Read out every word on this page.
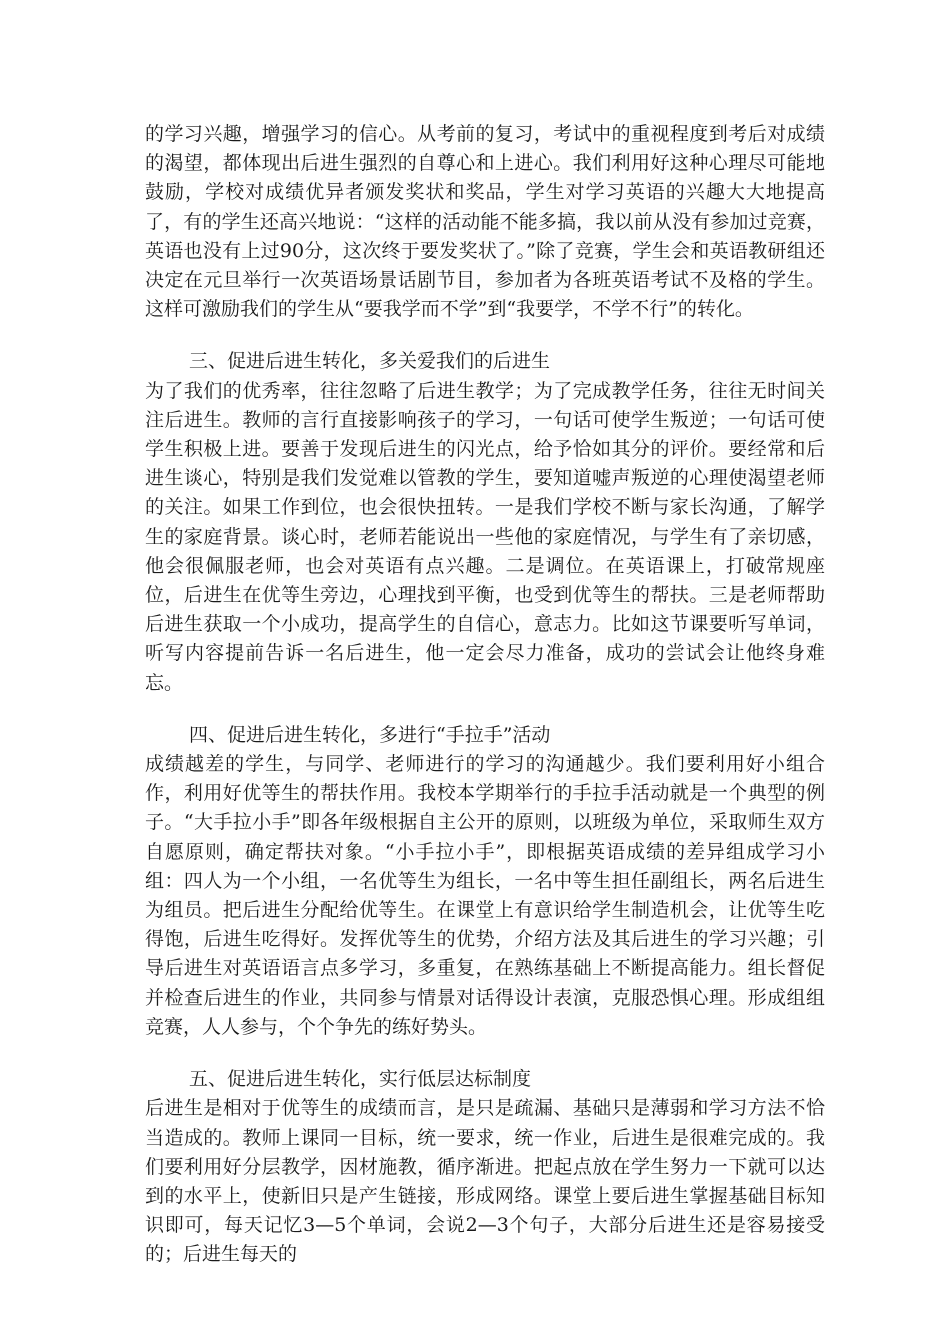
的学习兴趣，增强学习的信心。从考前的复习，考试中的重视程度到考后对成绩的渴望，都体现出后进生强烈的自尊心和上进心。我们利用好这种心理尽可能地鼓励，学校对成绩优异者颁发奖状和奖品，学生对学习英语的兴趣大大地提高了，有的学生还高兴地说：“这样的活动能不能多搞，我以前从没有参加过竞赛，英语也没有上过90分，这次终于要发奖状了。”除了竞赛，学生会和英语教研组还决定在元旦举行一次英语场景话剧节目，参加者为各班英语考试不及格的学生。这样可激励我们的学生从“要我学而不学”到“我要学，不学不行”的转化。

三、促进后进生转化，多关爱我们的后进生

为了我们的优秀率，往往忽略了后进生教学；为了完成教学任务，往往无时间关注后进生。教师的言行直接影响孩子的学习，一句话可使学生叛逆；一句话可使学生积极上进。要善于发现后进生的闪光点，给予恰如其分的评价。要经常和后进生谈心，特别是我们发觉难以管教的学生，要知道嘘声叛逆的心理使渴望老师的关注。如果工作到位，也会很快扭转。一是我们学校不断与家长沟通，了解学生的家庭背景。谈心时，老师若能说出一些他的家庭情况，与学生有了亲切感，他会很佩服老师，也会对英语有点兴趣。二是调位。在英语课上，打破常规座位，后进生在优等生旁边，心理找到平衡，也受到优等生的帮扶。三是老师帮助后进生获取一个小成功，提高学生的自信心，意志力。比如这节课要听写单词，听写内容提前告诉一名后进生，他一定会尽力准备，成功的尝试会让他终身难忘。

四、促进后进生转化，多进行“手拉手”活动

成绩越差的学生，与同学、老师进行的学习的沟通越少。我们要利用好小组合作，利用好优等生的帮扶作用。我校本学期举行的手拉手活动就是一个典型的例子。“大手拉小手”即各年级根据自主公开的原则，以班级为单位，采取师生双方自愿原则，确定帮扶对象。“小手拉小手”，即根据英语成绩的差异组成学习小组：四人为一个小组，一名优等生为组长，一名中等生担任副组长，两名后进生为组员。把后进生分配给优等生。在课堂上有意识给学生制造机会，让优等生吃得饱，后进生吃得好。发挥优等生的优势，介绍方法及其后进生的学习兴趣；引导后进生对英语语言点多学习，多重复，在熟练基础上不断提高能力。组长督促并检查后进生的作业，共同参与情景对话得设计表演，克服恐惧心理。形成组组竞赛，人人参与，个个争先的练好势头。

五、促进后进生转化，实行低层达标制度

后进生是相对于优等生的成绩而言，是只是疏漏、基础只是薄弱和学习方法不恰当造成的。教师上课同一目标，统一要求，统一作业，后进生是很难完成的。我们要利用好分层教学，因材施教，循序渐进。把起点放在学生努力一下就可以达到的水平上，使新旧只是产生链接，形成网络。课堂上要后进生掌握基础目标知识即可，每天记忆3—5个单词，会说2—3个句子，大部分后进生还是容易接受的；后进生每天的
